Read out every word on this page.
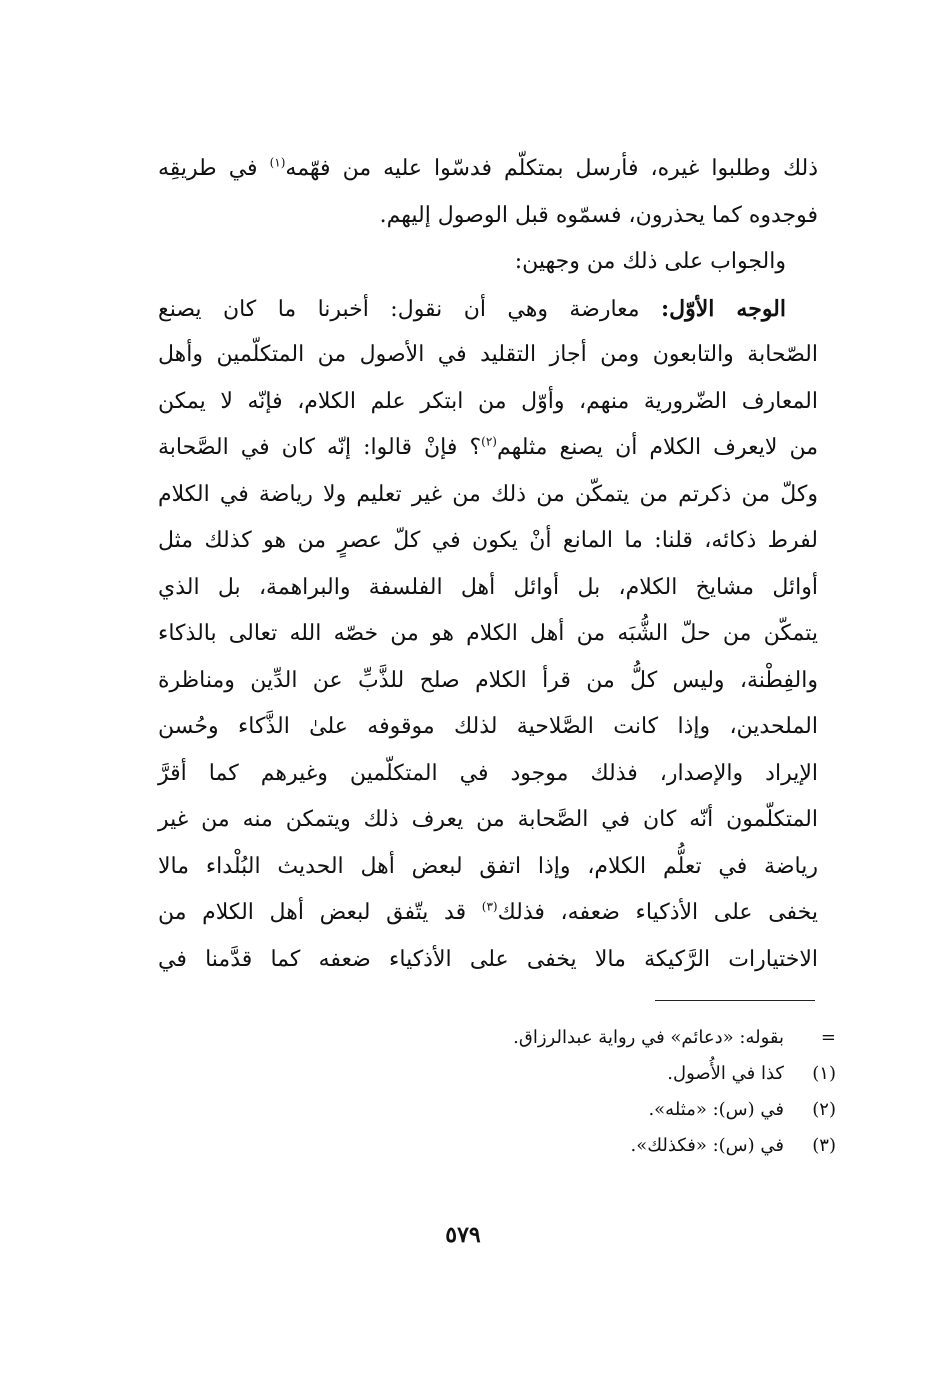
ذلك وطلبوا غيره، فأرسل بمتكلّم فدسّوا عليه من فهّمه$^{(١)}$ في طريقِه
فوجدوه كما يحذرون، فسمّوه قبل الوصول إليهم.
والجواب على ذلك من وجهين:
الوجه الأوّل: معارضة وهي أن نقول: أخبرنا ما كان يصنع
الصّحابة والتابعون ومن أجاز التقليد في الأصول من المتكلّمين وأهل
المعارف الضّرورية منهم، وأوّل من ابتكر علم الكلام، فإنّه لا يمكن
من لايعرف الكلام أن يصنع مثلهم$^{(٢)}$؟ فإنْ قالوا: إنّه كان في الصَّحابة
وكلّ من ذكرتم من يتمكّن من ذلك من غير تعليم ولا رياضة في الكلام
لفرط ذكائه، قلنا: ما المانع أنْ يكون في كلّ عصرٍ من هو كذلك مثل
أوائل مشايخ الكلام، بل أوائل أهل الفلسفة والبراهمة، بل الذي
يتمكّن من حلّ الشُّبَه من أهل الكلام هو من خصّه الله تعالى بالذكاء
والفِطْنة، وليس كلُّ من قرأ الكلام صلح للذَّبِّ عن الدِّين ومناظرة
الملحدين، وإذا كانت الصَّلاحية لذلك موقوفه علىٰ الذَّكاء وحُسن
الإيراد والإصدار، فذلك موجود في المتكلّمين وغيرهم كما أقرَّ
المتكلّمون أنّه كان في الصَّحابة من يعرف ذلك ويتمكن منه من غير
رياضة في تعلُّم الكلام، وإذا اتفق لبعض أهل الحديث البُلْداء مالا
يخفى على الأذكياء ضعفه، فذلك$^{(٣)}$ قد يتّفق لبعض أهل الكلام من
الاختيارات الرَّكيكة مالا يخفى على الأذكياء ضعفه كما قدَّمنا في
=
بقوله: «دعائم» في رواية عبدالرزاق.
(١)كذا في الأُصول.
(٢)في (س): «مثله».
(٣)في (س): «فكذلك».
٥٧٩
